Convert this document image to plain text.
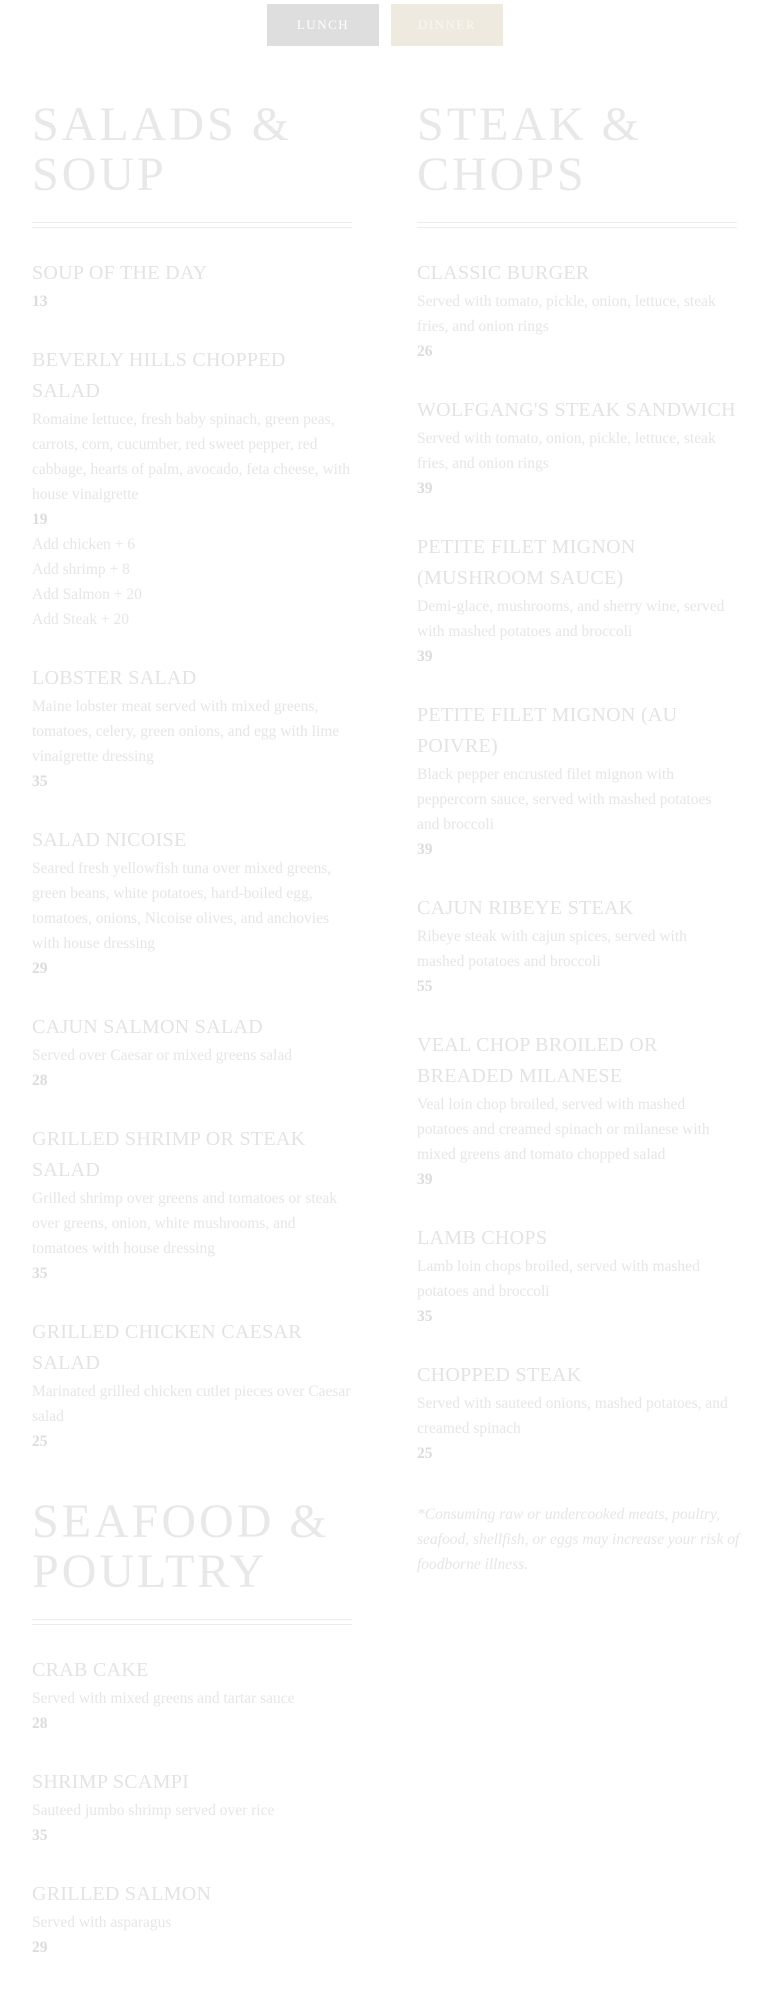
LUNCH	DINNER
SALADS & SOUP
SOUP OF THE DAY
13
BEVERLY HILLS CHOPPED SALAD
Romaine lettuce, fresh baby spinach, green peas, carrots, corn, cucumber, red sweet pepper, red cabbage, hearts of palm, avocado, feta cheese, with house vinaigrette
19
Add chicken + 6
Add shrimp + 8
Add Salmon + 20
Add Steak + 20
LOBSTER SALAD
Maine lobster meat served with mixed greens, tomatoes, celery, green onions, and egg with lime vinaigrette dressing
35
SALAD NICOISE
Seared fresh yellowfish tuna over mixed greens, green beans, white potatoes, hard-boiled egg, tomatoes, onions, Nicoise olives, and anchovies with house dressing
29
CAJUN SALMON SALAD
Served over Caesar or mixed greens salad
28
GRILLED SHRIMP OR STEAK SALAD
Grilled shrimp over greens and tomatoes or steak over greens, onion, white mushrooms, and tomatoes with house dressing
35
GRILLED CHICKEN CAESAR SALAD
Marinated grilled chicken cutlet pieces over Caesar salad
25
STEAK & CHOPS
CLASSIC BURGER
Served with tomato, pickle, onion, lettuce, steak fries, and onion rings
26
WOLFGANG'S STEAK SANDWICH
Served with tomato, onion, pickle, lettuce, steak fries, and onion rings
39
PETITE FILET MIGNON (MUSHROOM SAUCE)
Demi-glace, mushrooms, and sherry wine, served with mashed potatoes and broccoli
39
PETITE FILET MIGNON (AU POIVRE)
Black pepper encrusted filet mignon with peppercorn sauce, served with mashed potatoes and broccoli
39
CAJUN RIBEYE STEAK
Ribeye steak with cajun spices, served with mashed potatoes and broccoli
55
VEAL CHOP BROILED OR BREADED MILANESE
Veal loin chop broiled, served with mashed potatoes and creamed spinach or milanese with mixed greens and tomato chopped salad
39
LAMB CHOPS
Lamb loin chops broiled, served with mashed potatoes and broccoli
35
CHOPPED STEAK
Served with sauteed onions, mashed potatoes, and creamed spinach
25
SEAFOOD & POULTRY
CRAB CAKE
Served with mixed greens and tartar sauce
28
SHRIMP SCAMPI
Sauteed jumbo shrimp served over rice
35
GRILLED SALMON
Served with asparagus
29
*Consuming raw or undercooked meats, poultry, seafood, shellfish, or eggs may increase your risk of foodborne illness.
